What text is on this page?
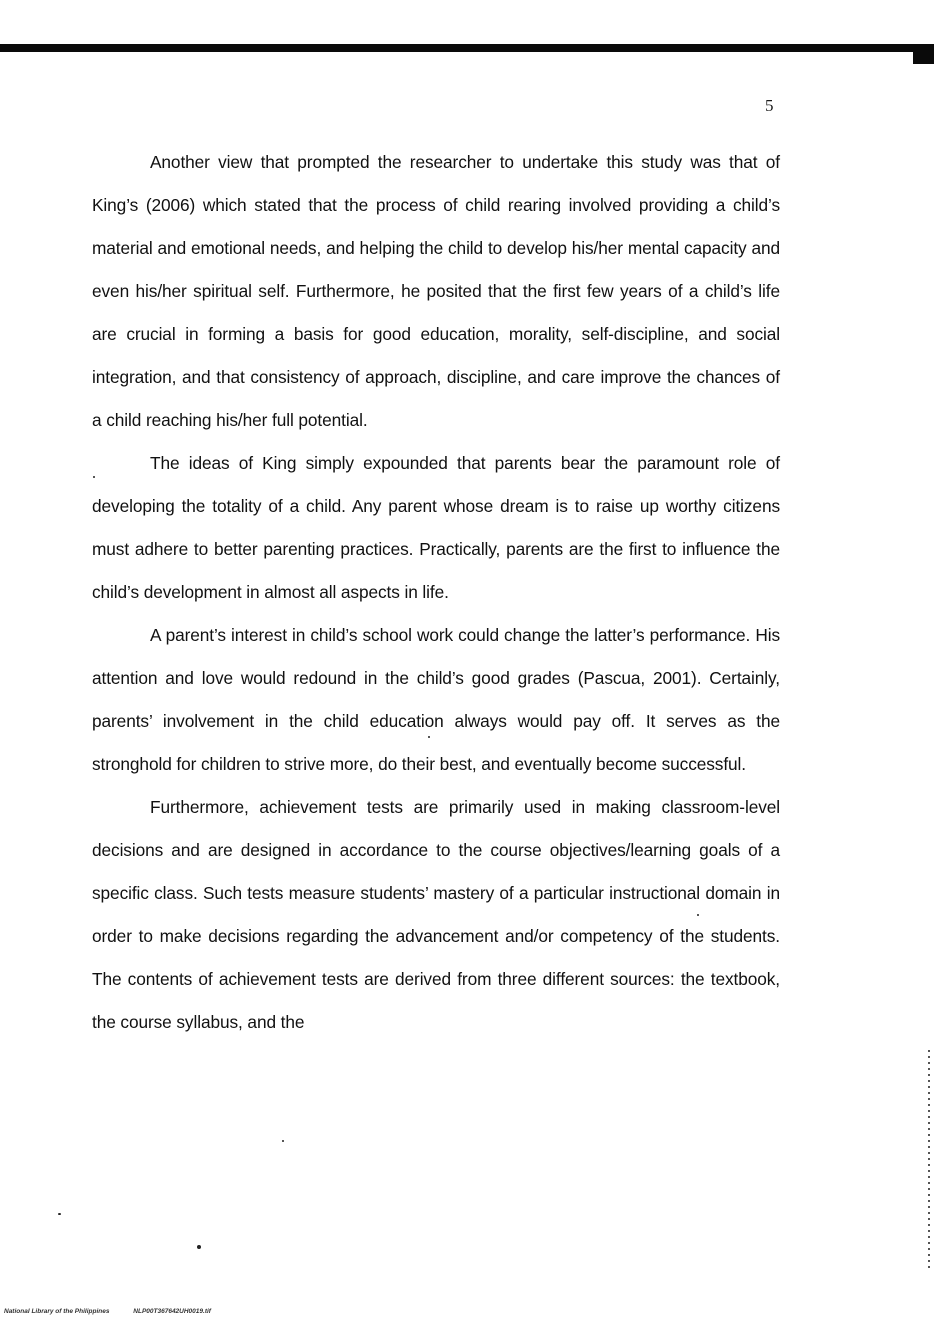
5

Another view that prompted the researcher to undertake this study was that of King’s (2006) which stated that the process of child rearing involved providing a child’s material and emotional needs, and helping the child to develop his/her mental capacity and even his/her spiritual self. Furthermore, he posited that the first few years of a child’s life are crucial in forming a basis for good education, morality, self-discipline, and social integration, and that consistency of approach, discipline, and care improve the chances of a child reaching his/her full potential.

The ideas of King simply expounded that parents bear the paramount role of developing the totality of a child. Any parent whose dream is to raise up worthy citizens must adhere to better parenting practices. Practically, parents are the first to influence the child’s development in almost all aspects in life.

A parent’s interest in child’s school work could change the latter’s performance. His attention and love would redound in the child’s good grades (Pascua, 2001). Certainly, parents’ involvement in the child education always would pay off. It serves as the stronghold for children to strive more, do their best, and eventually become successful.

Furthermore, achievement tests are primarily used in making classroom-level decisions and are designed in accordance to the course objectives/learning goals of a specific class. Such tests measure students’ mastery of a particular instructional domain in order to make decisions regarding the advancement and/or competency of the students. The contents of achievement tests are derived from three different sources: the textbook, the course syllabus, and the

National Library of the Philippines	NLP00T367642UH0019.tif
